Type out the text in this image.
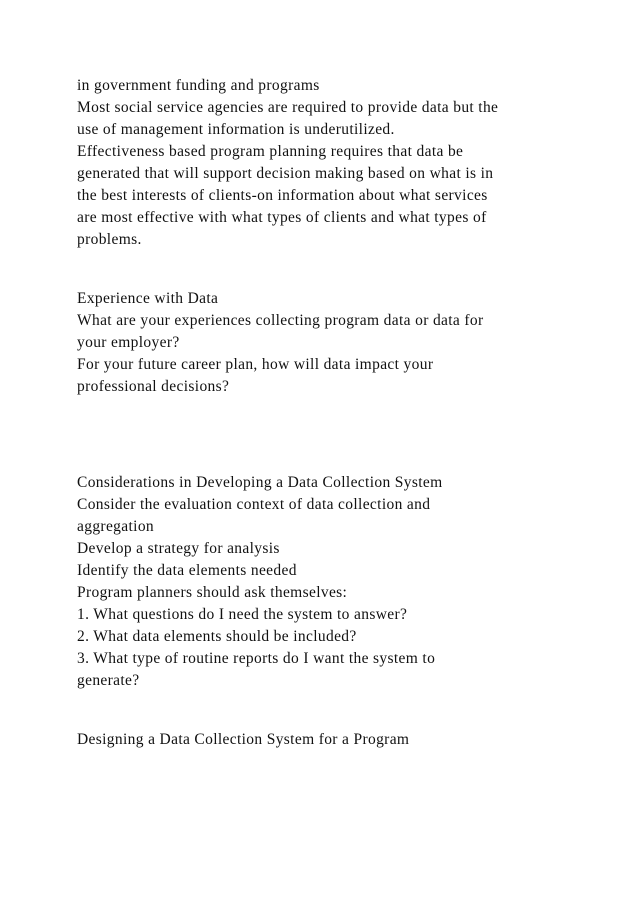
in government funding and programs
Most social service agencies are required to provide data but the
use of management information is underutilized.
Effectiveness based program planning requires that data be
generated that will support decision making based on what is in
the best interests of clients-on information about what services
are most effective with what types of clients and what types of
problems.
Experience with Data
What are your experiences collecting program data or data for
your employer?
For your future career plan, how will data impact your
professional decisions?
Considerations in Developing a Data Collection System
Consider the evaluation context of data collection and
aggregation
Develop a strategy for analysis
Identify the data elements needed
Program planners should ask themselves:
1. What questions do I need the system to answer?
2. What data elements should be included?
3. What type of routine reports do I want the system to
generate?
Designing a Data Collection System for a Program
